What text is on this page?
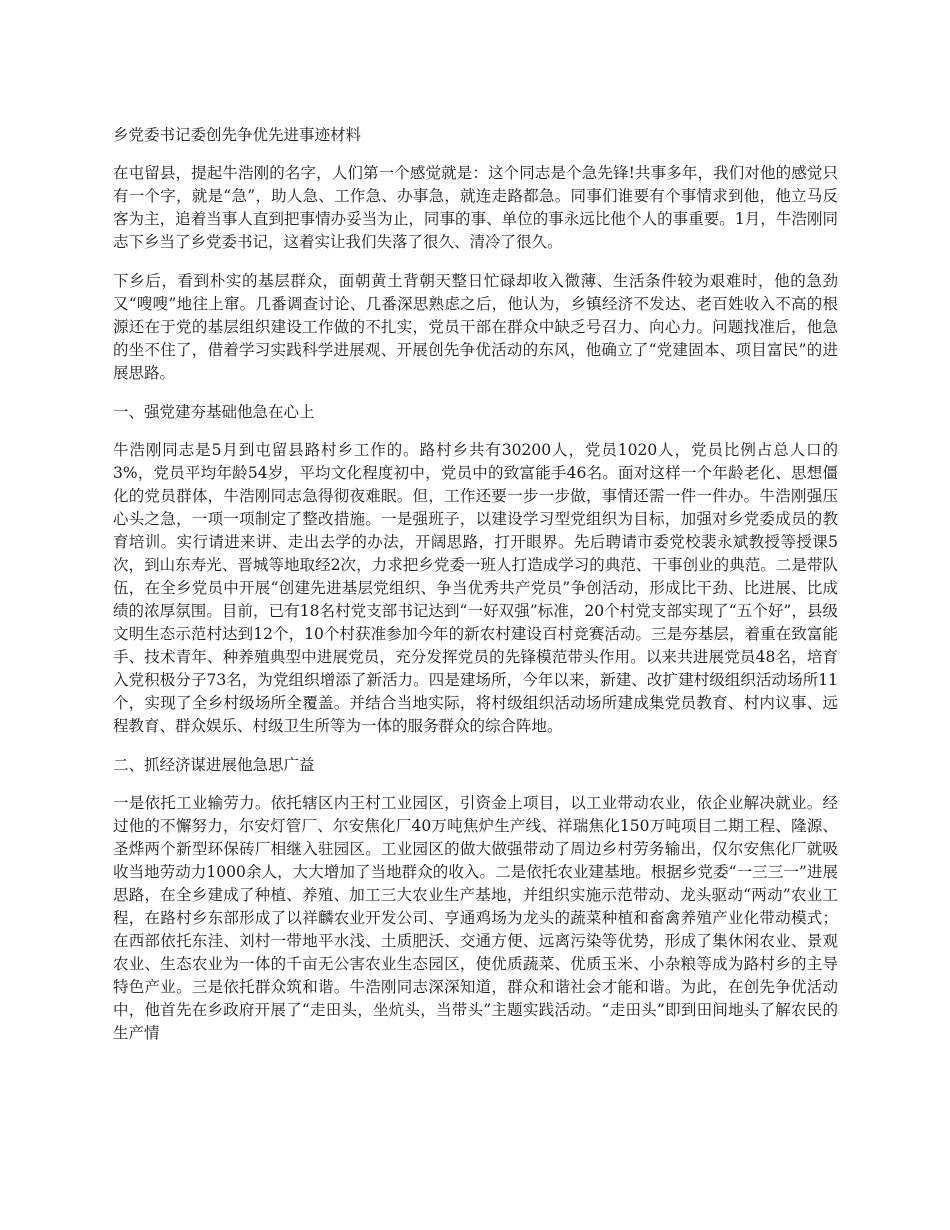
乡党委书记委创先争优先进事迹材料

在屯留县，提起牛浩刚的名字，人们第一个感觉就是：这个同志是个急先锋!共事多年，我们对他的感觉只有一个字，就是“急”，助人急、工作急、办事急，就连走路都急。同事们谁要有个事情求到他，他立马反客为主，追着当事人直到把事情办妥当为止，同事的事、单位的事永远比他个人的事重要。1月，牛浩刚同志下乡当了乡党委书记，这着实让我们失落了很久、清冷了很久。

下乡后，看到朴实的基层群众，面朝黄土背朝天整日忙碌却收入微薄、生活条件较为艰难时，他的急劲又“嗖嗖”地往上窜。几番调查讨论、几番深思熟虑之后，他认为，乡镇经济不发达、老百姓收入不高的根源还在于党的基层组织建设工作做的不扎实，党员干部在群众中缺乏号召力、向心力。问题找准后，他急的坐不住了，借着学习实践科学进展观、开展创先争优活动的东风，他确立了“党建固本、项目富民”的进展思路。

一、强党建夯基础他急在心上

牛浩刚同志是5月到屯留县路村乡工作的。路村乡共有30200人，党员1020人，党员比例占总人口的3%，党员平均年龄54岁，平均文化程度初中，党员中的致富能手46名。面对这样一个年龄老化、思想僵化的党员群体，牛浩刚同志急得彻夜难眠。但，工作还要一步一步做，事情还需一件一件办。牛浩刚强压心头之急，一项一项制定了整改措施。一是强班子，以建设学习型党组织为目标，加强对乡党委成员的教育培训。实行请进来讲、走出去学的办法，开阔思路，打开眼界。先后聘请市委党校裴永斌教授等授课5次，到山东寿光、晋城等地取经2次，力求把乡党委一班人打造成学习的典范、干事创业的典范。二是带队伍，在全乡党员中开展“创建先进基层党组织、争当优秀共产党员”争创活动，形成比干劲、比进展、比成绩的浓厚氛围。目前，已有18名村党支部书记达到“一好双强”标准，20个村党支部实现了“五个好”，县级文明生态示范村达到12个，10个村获准参加今年的新农村建设百村竞赛活动。三是夯基层，着重在致富能手、技术青年、种养殖典型中进展党员，充分发挥党员的先锋模范带头作用。以来共进展党员48名，培育入党积极分子73名，为党组织增添了新活力。四是建场所，今年以来，新建、改扩建村级组织活动场所11个，实现了全乡村级场所全覆盖。并结合当地实际，将村级组织活动场所建成集党员教育、村内议事、远程教育、群众娱乐、村级卫生所等为一体的服务群众的综合阵地。

二、抓经济谋进展他急思广益

一是依托工业输劳力。依托辖区内王村工业园区，引资金上项目，以工业带动农业，依企业解决就业。经过他的不懈努力，尔安灯管厂、尔安焦化厂40万吨焦炉生产线、祥瑞焦化150万吨项目二期工程、隆源、圣烨两个新型环保砖厂相继入驻园区。工业园区的做大做强带动了周边乡村劳务输出，仅尔安焦化厂就吸收当地劳动力1000余人，大大增加了当地群众的收入。二是依托农业建基地。根据乡党委“一三三一”进展思路，在全乡建成了种植、养殖、加工三大农业生产基地，并组织实施示范带动、龙头驱动“两动”农业工程，在路村乡东部形成了以祥麟农业开发公司、亨通鸡场为龙头的蔬菜种植和畜禽养殖产业化带动模式；在西部依托东洼、刘村一带地平水浅、土质肥沃、交通方便、远离污染等优势，形成了集休闲农业、景观农业、生态农业为一体的千亩无公害农业生态园区，使优质蔬菜、优质玉米、小杂粮等成为路村乡的主导特色产业。三是依托群众筑和谐。牛浩刚同志深深知道，群众和谐社会才能和谐。为此，在创先争优活动中，他首先在乡政府开展了“走田头，坐炕头，当带头”主题实践活动。“走田头”即到田间地头了解农民的生产情
